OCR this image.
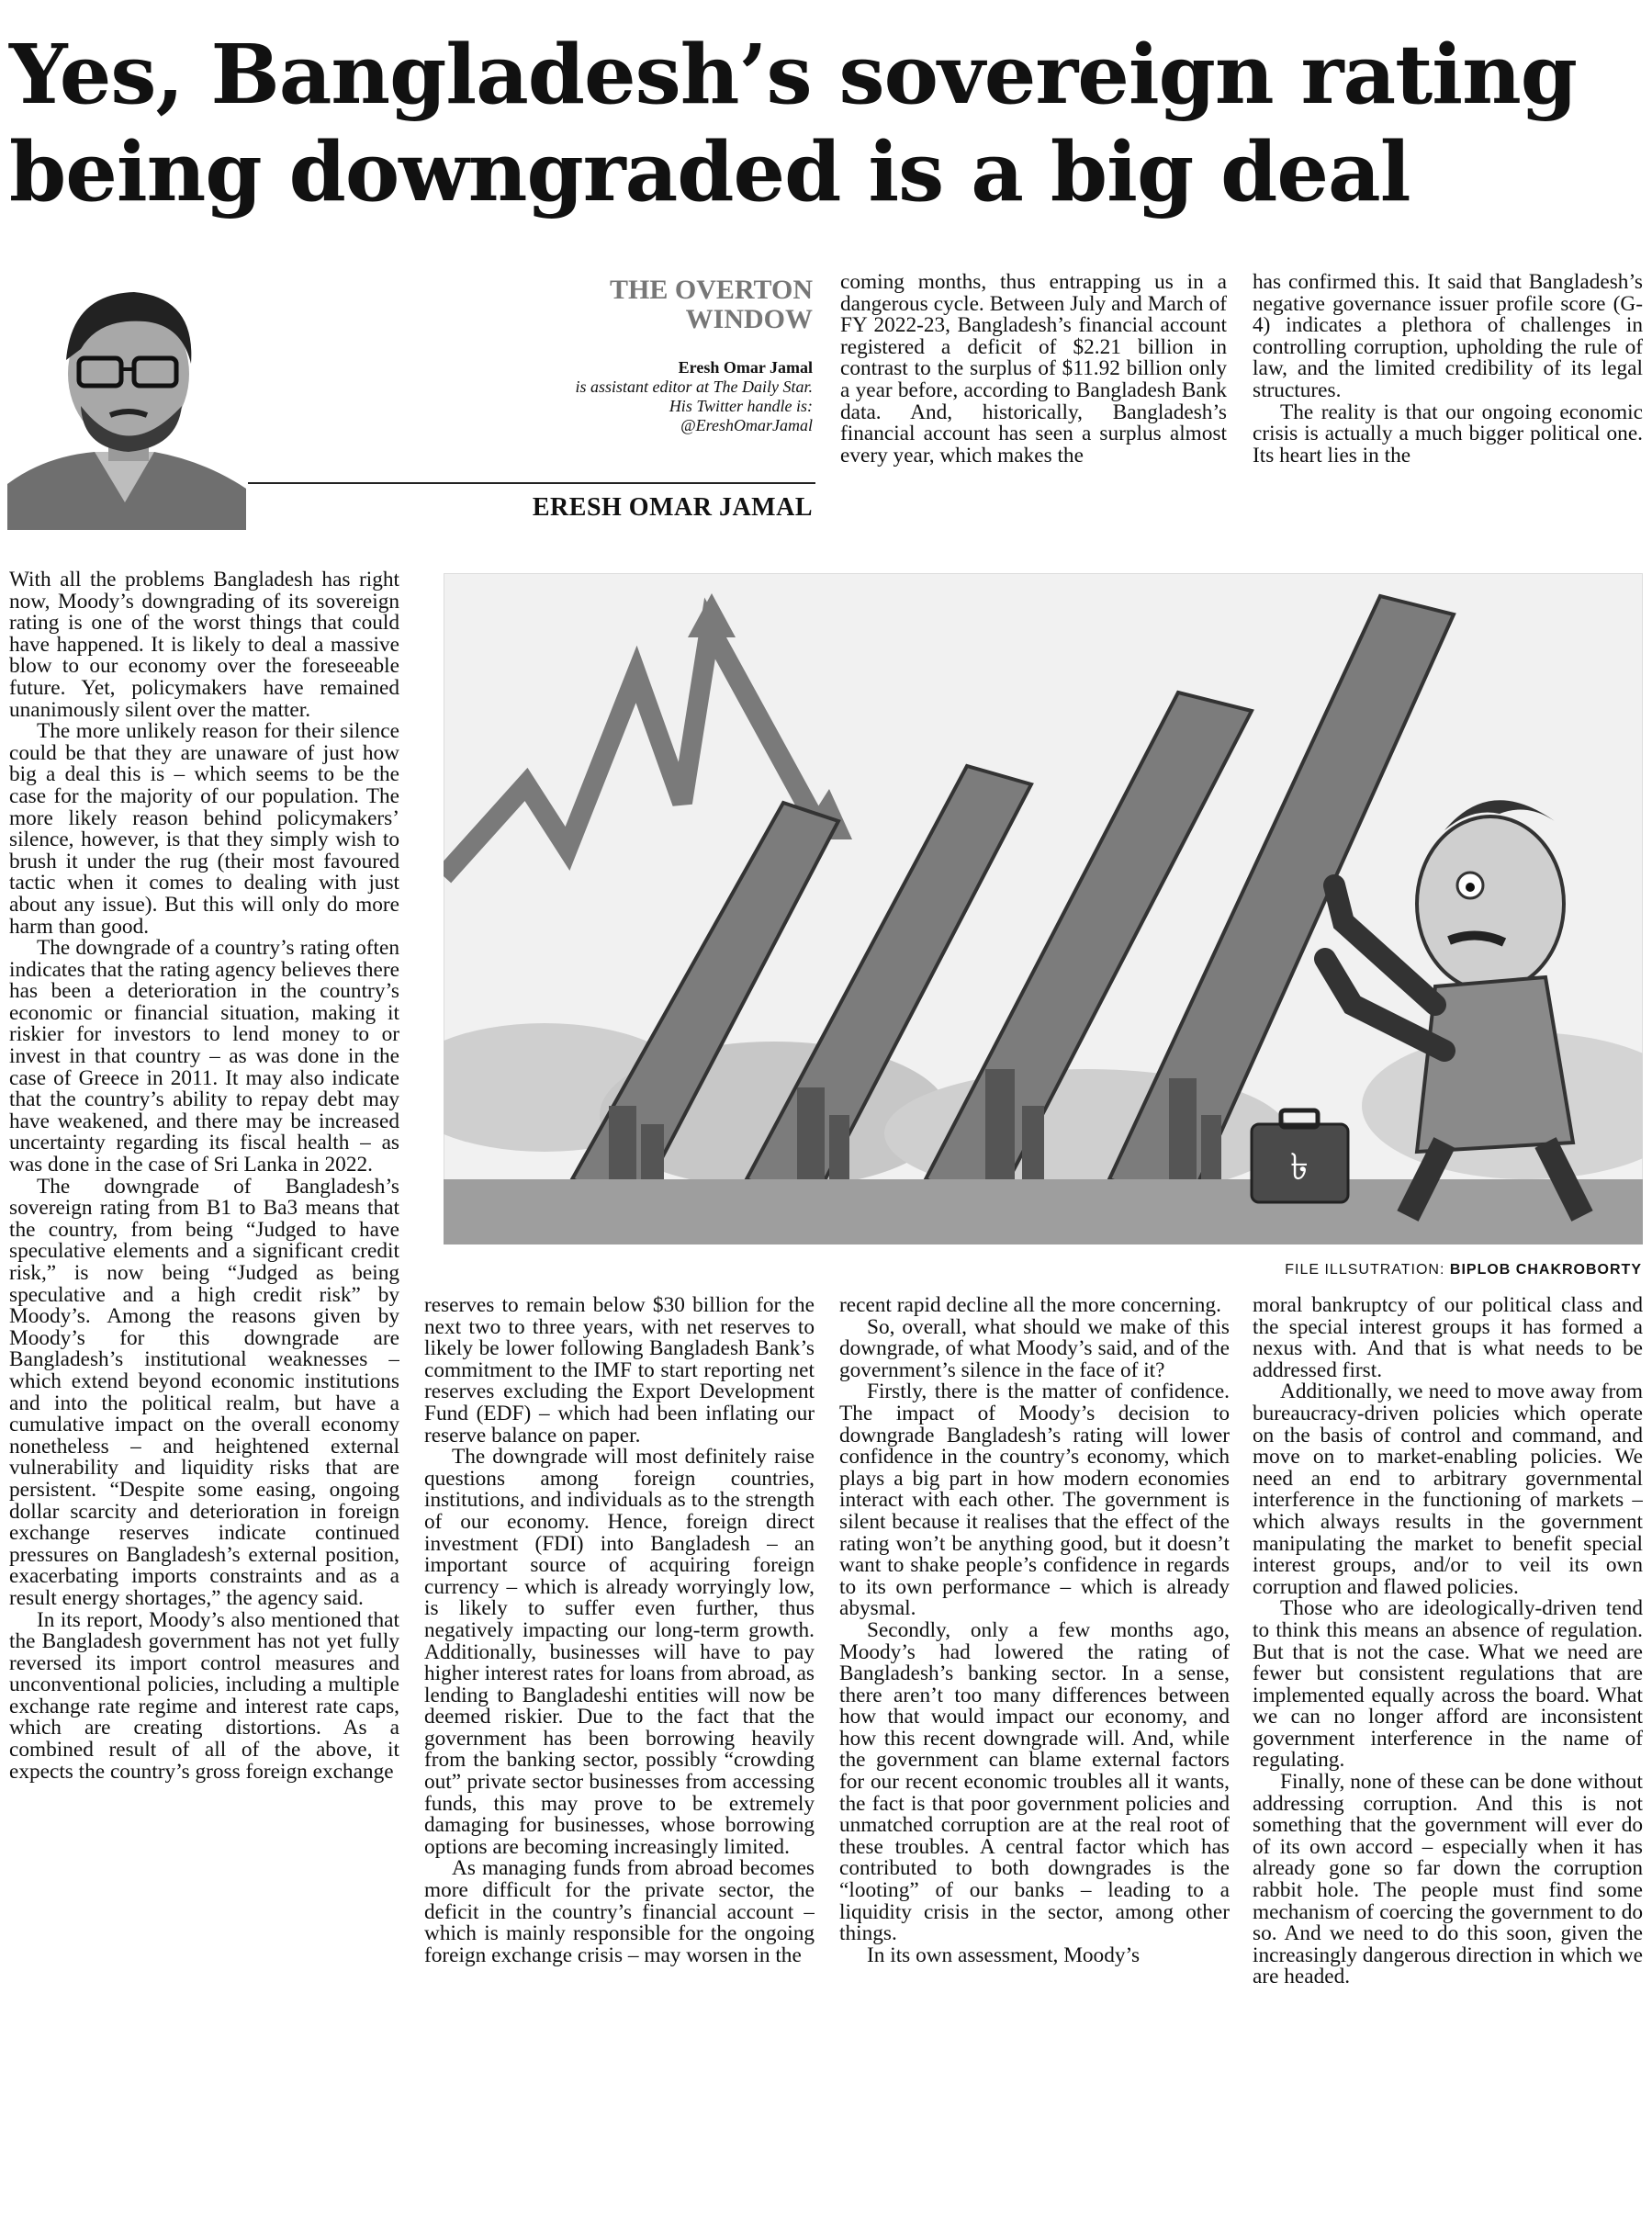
Yes, Bangladesh’s sovereign rating being downgraded is a big deal
THE OVERTON WINDOW
Eresh Omar Jamal
is assistant editor at The Daily Star. His Twitter handle is: @EreshOmarJamal
ERESH OMAR JAMAL

coming months, thus entrapping us in a dangerous cycle. Between July and March of FY 2022-23, Bangladesh’s financial account registered a deficit of $2.21 billion in contrast to the surplus of $11.92 billion only a year before, according to Bangladesh Bank data. And, historically, Bangladesh’s financial account has seen a surplus almost every year, which makes the

has confirmed this. It said that Bangladesh’s negative governance issuer profile score (G-4) indicates a plethora of challenges in controlling corruption, upholding the rule of law, and the limited credibility of its legal structures.

The reality is that our ongoing economic crisis is actually a much bigger political one. Its heart lies in the

With all the problems Bangladesh has right now, Moody’s downgrading of its sovereign rating is one of the worst things that could have happened. It is likely to deal a massive blow to our economy over the foreseeable future. Yet, policymakers have remained unanimously silent over the matter.

The more unlikely reason for their silence could be that they are unaware of just how big a deal this is – which seems to be the case for the majority of our population. The more likely reason behind policymakers’ silence, however, is that they simply wish to brush it under the rug (their most favoured tactic when it comes to dealing with just about any issue). But this will only do more harm than good.

The downgrade of a country’s rating often indicates that the rating agency believes there has been a deterioration in the country’s economic or financial situation, making it riskier for investors to lend money to or invest in that country – as was done in the case of Greece in 2011. It may also indicate that the country’s ability to repay debt may have weakened, and there may be increased uncertainty regarding its fiscal health – as was done in the case of Sri Lanka in 2022.

The downgrade of Bangladesh’s sovereign rating from B1 to Ba3 means that the country, from being “Judged to have speculative elements and a significant credit risk,” is now being “Judged as being speculative and a high credit risk” by Moody’s. Among the reasons given by Moody’s for this downgrade are Bangladesh’s institutional weaknesses – which extend beyond economic institutions and into the political realm, but have a cumulative impact on the overall economy nonetheless – and heightened external vulnerability and liquidity risks that are persistent. “Despite some easing, ongoing dollar scarcity and deterioration in foreign exchange reserves indicate continued pressures on Bangladesh’s external position, exacerbating imports constraints and as a result energy shortages,” the agency said.

In its report, Moody’s also mentioned that the Bangladesh government has not yet fully reversed its import control measures and unconventional policies, including a multiple exchange rate regime and interest rate caps, which are creating distortions. As a combined result of all of the above, it expects the country’s gross foreign exchange

৳
FILE ILLSUTRATION: BIPLOB CHAKROBORTY

reserves to remain below $30 billion for the next two to three years, with net reserves to likely be lower following Bangladesh Bank’s commitment to the IMF to start reporting net reserves excluding the Export Development Fund (EDF) – which had been inflating our reserve balance on paper.

The downgrade will most definitely raise questions among foreign countries, institutions, and individuals as to the strength of our economy. Hence, foreign direct investment (FDI) into Bangladesh – an important source of acquiring foreign currency – which is already worryingly low, is likely to suffer even further, thus negatively impacting our long-term growth. Additionally, businesses will have to pay higher interest rates for loans from abroad, as lending to Bangladeshi entities will now be deemed riskier. Due to the fact that the government has been borrowing heavily from the banking sector, possibly “crowding out” private sector businesses from accessing funds, this may prove to be extremely damaging for businesses, whose borrowing options are becoming increasingly limited.

As managing funds from abroad becomes more difficult for the private sector, the deficit in the country’s financial account – which is mainly responsible for the ongoing foreign exchange crisis – may worsen in the

recent rapid decline all the more concerning.

So, overall, what should we make of this downgrade, of what Moody’s said, and of the government’s silence in the face of it?

Firstly, there is the matter of confidence. The impact of Moody’s decision to downgrade Bangladesh’s rating will lower confidence in the country’s economy, which plays a big part in how modern economies interact with each other. The government is silent because it realises that the effect of the rating won’t be anything good, but it doesn’t want to shake people’s confidence in regards to its own performance – which is already abysmal.

Secondly, only a few months ago, Moody’s had lowered the rating of Bangladesh’s banking sector. In a sense, there aren’t too many differences between how that would impact our economy, and how this recent downgrade will. And, while the government can blame external factors for our recent economic troubles all it wants, the fact is that poor government policies and unmatched corruption are at the real root of these troubles. A central factor which has contributed to both downgrades is the “looting” of our banks – leading to a liquidity crisis in the sector, among other things.

In its own assessment, Moody’s

moral bankruptcy of our political class and the special interest groups it has formed a nexus with. And that is what needs to be addressed first.

Additionally, we need to move away from bureaucracy-driven policies which operate on the basis of control and command, and move on to market-enabling policies. We need an end to arbitrary governmental interference in the functioning of markets – which always results in the government manipulating the market to benefit special interest groups, and/or to veil its own corruption and flawed policies.

Those who are ideologically-driven tend to think this means an absence of regulation. But that is not the case. What we need are fewer but consistent regulations that are implemented equally across the board. What we can no longer afford are inconsistent government interference in the name of regulating.

Finally, none of these can be done without addressing corruption. And this is not something that the government will ever do of its own accord – especially when it has already gone so far down the corruption rabbit hole. The people must find some mechanism of coercing the government to do so. And we need to do this soon, given the increasingly dangerous direction in which we are headed.
